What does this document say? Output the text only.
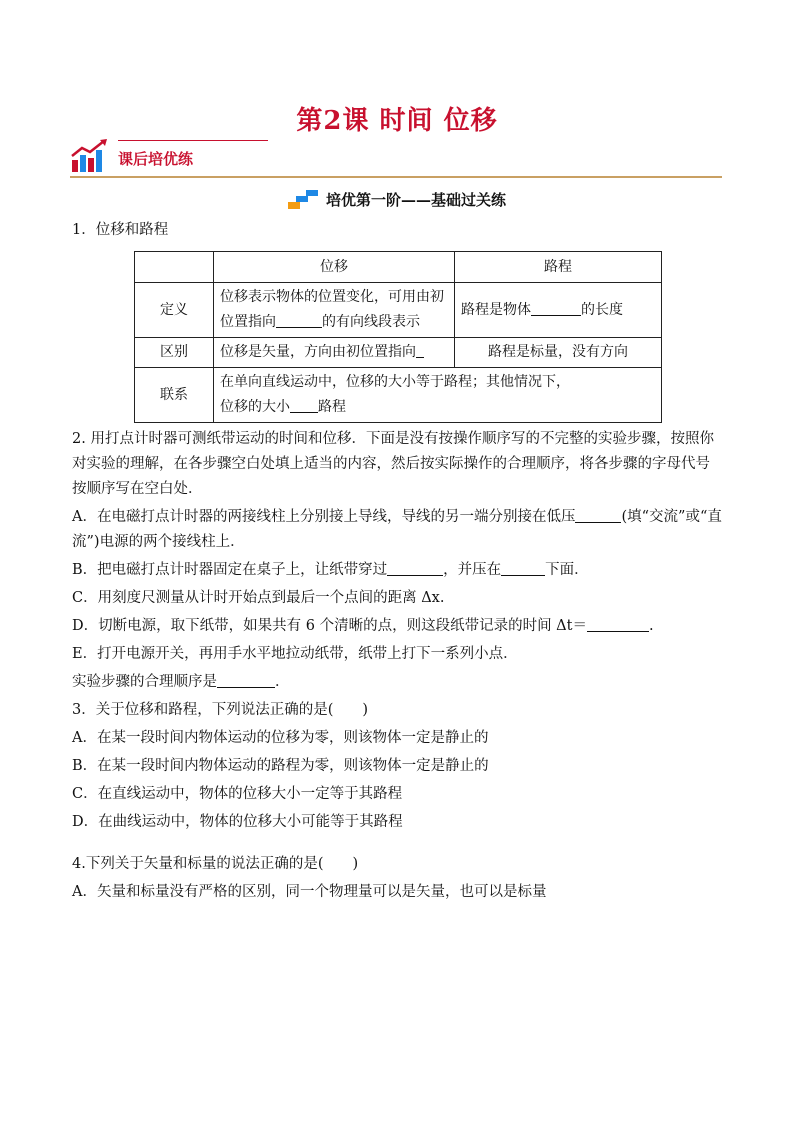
第2课 时间 位移
课后培优练
培优第一阶——基础过关练
1．位移和路程
	位移	路程
定义	位移表示物体的位置变化，可用由初位置指向 的有向线段表示	路程是物体 的长度
区别	位移是矢量，方向由初位置指向	路程是标量，没有方向
联系	在单向直线运动中，位移的大小等于路程；其他情况下，
位移的大小 路程	
2. 用打点计时器可测纸带运动的时间和位移．下面是没有按操作顺序写的不完整的实验步骤，按照你对实验的理解，在各步骤空白处填上适当的内容，然后按实际操作的合理顺序，将各步骤的字母代号按顺序写在空白处．
A．在电磁打点计时器的两接线柱上分别接上导线，导线的另一端分别接在低压	(填“交流”或“直流”)电源的两个接线柱上．
B．把电磁打点计时器固定在桌子上，让纸带穿过	，并压在	下面．
C．用刻度尺测量从计时开始点到最后一个点间的距离 Δx.
D．切断电源，取下纸带，如果共有 6 个清晰的点，则这段纸带记录的时间 Δt＝	.
E．打开电源开关，再用手水平地拉动纸带，纸带上打下一系列小点．
实验步骤的合理顺序是	．
3．关于位移和路程，下列说法正确的是(　　)
A．在某一段时间内物体运动的位移为零，则该物体一定是静止的
B．在某一段时间内物体运动的路程为零，则该物体一定是静止的
C．在直线运动中，物体的位移大小一定等于其路程
D．在曲线运动中，物体的位移大小可能等于其路程
4.下列关于矢量和标量的说法正确的是(　　)
A．矢量和标量没有严格的区别，同一个物理量可以是矢量，也可以是标量
